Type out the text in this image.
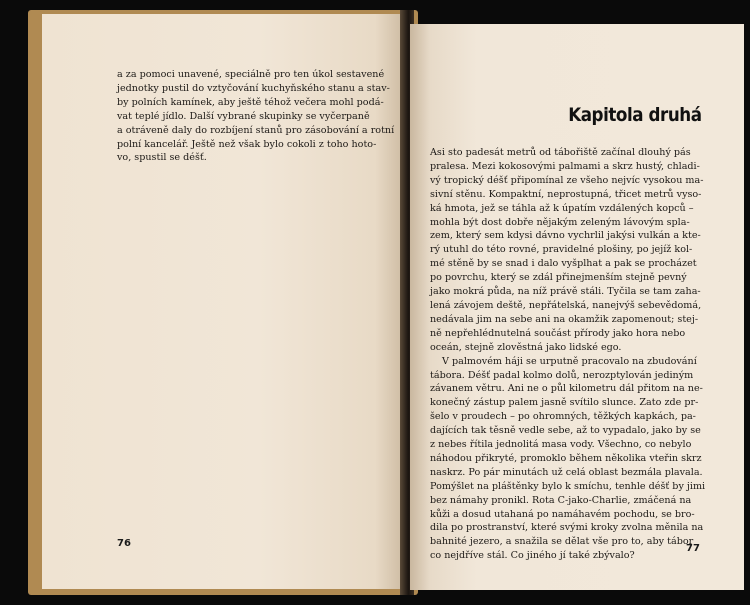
a za pomoci unavené, speciálně pro ten úkol sestavené
jednotky pustil do vztyčování kuchyňského stanu a stav-
by polních kamínek, aby ještě téhož večera mohl podá-
vat teplé jídlo. Další vybrané skupinky se vyčerpaně
a otráveně daly do rozbíjení stanů pro zásobování a rotní
polní kancelář. Ještě než však bylo cokoli z toho hoto-
vo, spustil se déšť.
76
Kapitola druhá

Asi sto padesát metrů od tábořiště začínal dlouhý pás
pralesa. Mezi kokosovými palmami a skrz hustý, chladi-
vý tropický déšť připomínal ze všeho nejvíc vysokou ma-
sivní stěnu. Kompaktní, neprostupná, třicet metrů vyso-
ká hmota, jež se táhla až k úpatím vzdálených kopců –
mohla být dost dobře nějakým zeleným lávovým spla-
zem, který sem kdysi dávno vychrlil jakýsi vulkán a kte-
rý utuhl do této rovné, pravidelné plošiny, po jejíž kol-
mé stěně by se snad i dalo vyšplhat a pak se procházet
po povrchu, který se zdál přinejmenším stejně pevný
jako mokrá půda, na níž právě stáli. Tyčila se tam zaha-
lená závojem deště, nepřátelská, nanejvýš sebevědomá,
nedávala jim na sebe ani na okamžik zapomenout; stej-
ně nepřehlédnutelná součást přírody jako hora nebo
oceán, stejně zlověstná jako lidské ego.

V palmovém háji se urputně pracovalo na zbudování
tábora. Déšť padal kolmo dolů, nerozptylován jediným
závanem větru. Ani ne o půl kilometru dál přitom na ne-
konečný zástup palem jasně svítilo slunce. Zato zde pr-
šelo v proudech – po ohromných, těžkých kapkách, pa-
dajících tak těsně vedle sebe, až to vypadalo, jako by se
z nebes řítila jednolitá masa vody. Všechno, co nebylo
náhodou přikryté, promoklo během několika vteřin skrz
naskrz. Po pár minutách už celá oblast bezmála plavala.
Pomýšlet na pláštěnky bylo k smíchu, tenhle déšť by jimi
bez námahy pronikl. Rota C-jako-Charlie, zmáčená na
kůži a dosud utahaná po namáhavém pochodu, se bro-
dila po prostranství, které svými kroky zvolna měnila na
bahnité jezero, a snažila se dělat vše pro to, aby tábor
co nejdříve stál. Co jiného jí také zbývalo?

77
